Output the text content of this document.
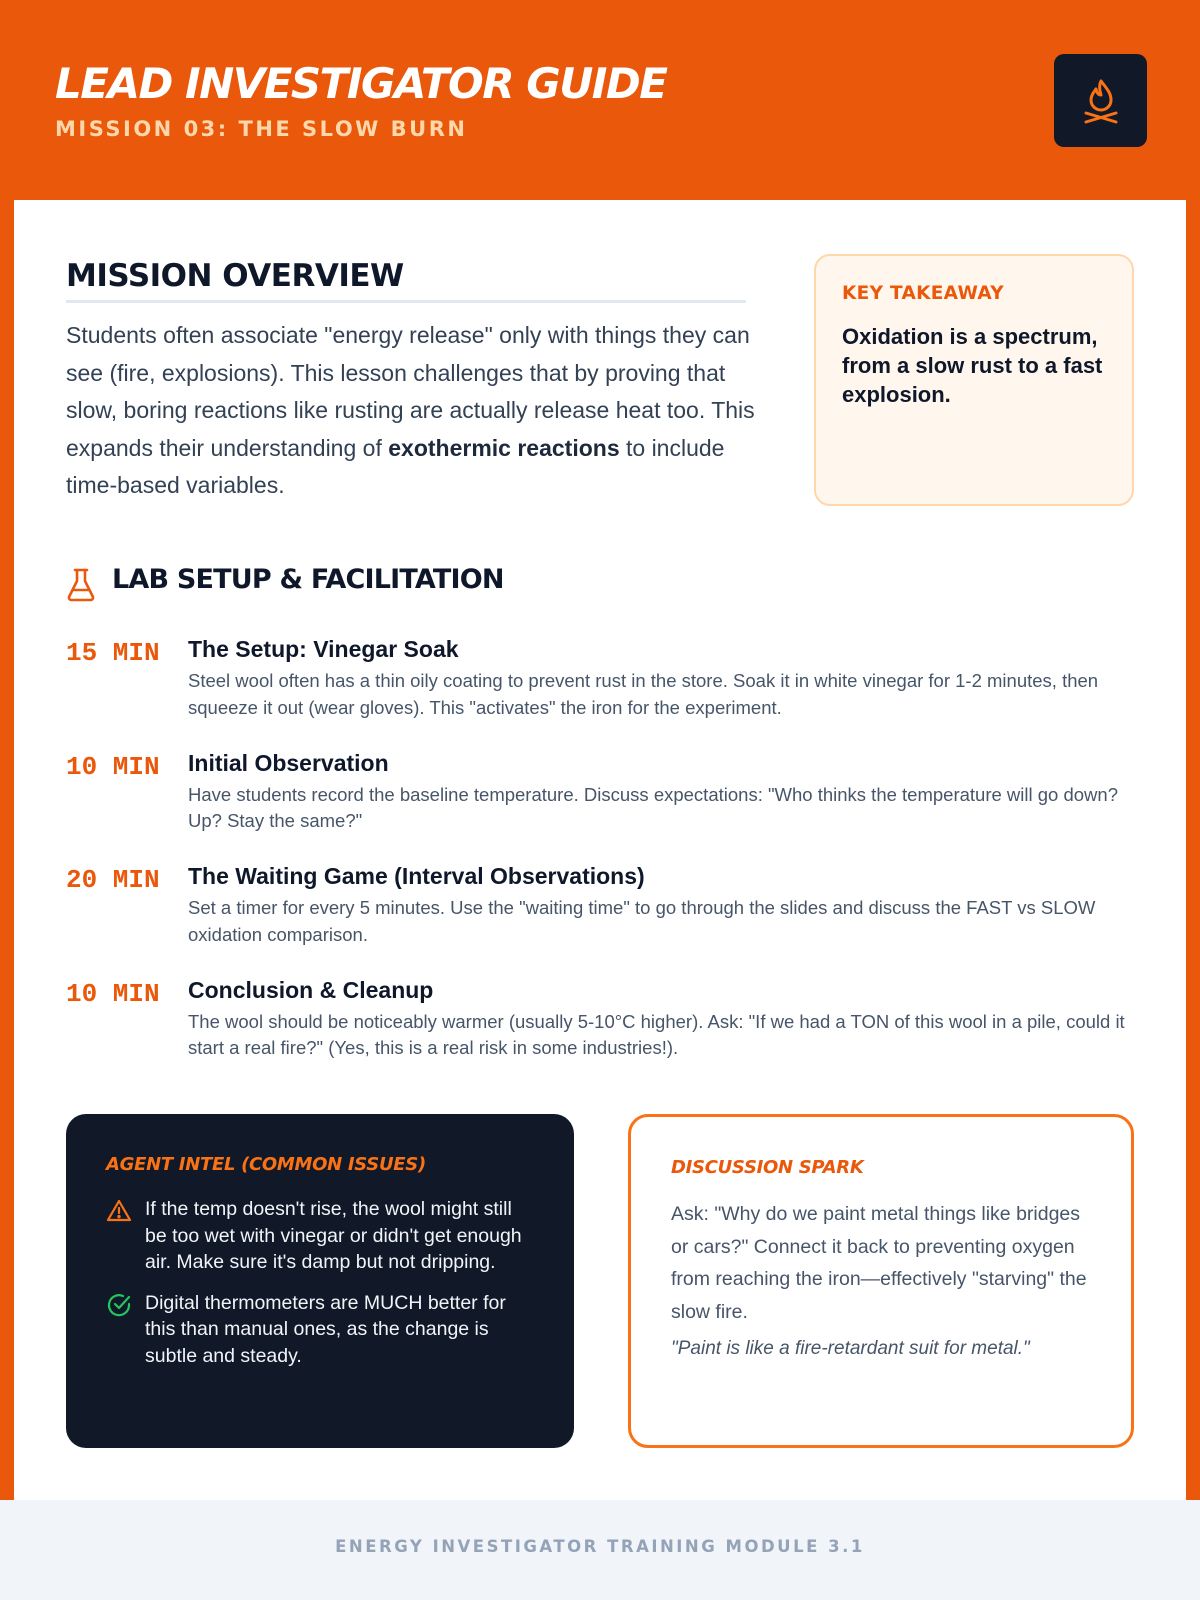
LEAD INVESTIGATOR GUIDE
MISSION 03: THE SLOW BURN
MISSION OVERVIEW

Students often associate "energy release" only with things they can see (fire, explosions). This lesson challenges that by proving that slow, boring reactions like rusting are actually release heat too. This expands their understanding of exothermic reactions to include time-based variables.

KEY TAKEAWAY
Oxidation is a spectrum, from a slow rust to a fast explosion.
LAB SETUP & FACILITATION
15 MIN The Setup: Vinegar Soak
Steel wool often has a thin oily coating to prevent rust in the store. Soak it in white vinegar for 1-2 minutes, then squeeze it out (wear gloves). This "activates" the iron for the experiment.
10 MIN Initial Observation
Have students record the baseline temperature. Discuss expectations: "Who thinks the temperature will go down? Up? Stay the same?"
20 MIN The Waiting Game (Interval Observations)
Set a timer for every 5 minutes. Use the "waiting time" to go through the slides and discuss the FAST vs SLOW oxidation comparison.
10 MIN Conclusion & Cleanup
The wool should be noticeably warmer (usually 5-10°C higher). Ask: "If we had a TON of this wool in a pile, could it start a real fire?" (Yes, this is a real risk in some industries!).
AGENT INTEL (COMMON ISSUES)
If the temp doesn't rise, the wool might still be too wet with vinegar or didn't get enough air. Make sure it's damp but not dripping.
Digital thermometers are MUCH better for this than manual ones, as the change is subtle and steady.
DISCUSSION SPARK
Ask: "Why do we paint metal things like bridges or cars?" Connect it back to preventing oxygen from reaching the iron—effectively "starving" the slow fire.
"Paint is like a fire-retardant suit for metal."
ENERGY INVESTIGATOR TRAINING MODULE 3.1
